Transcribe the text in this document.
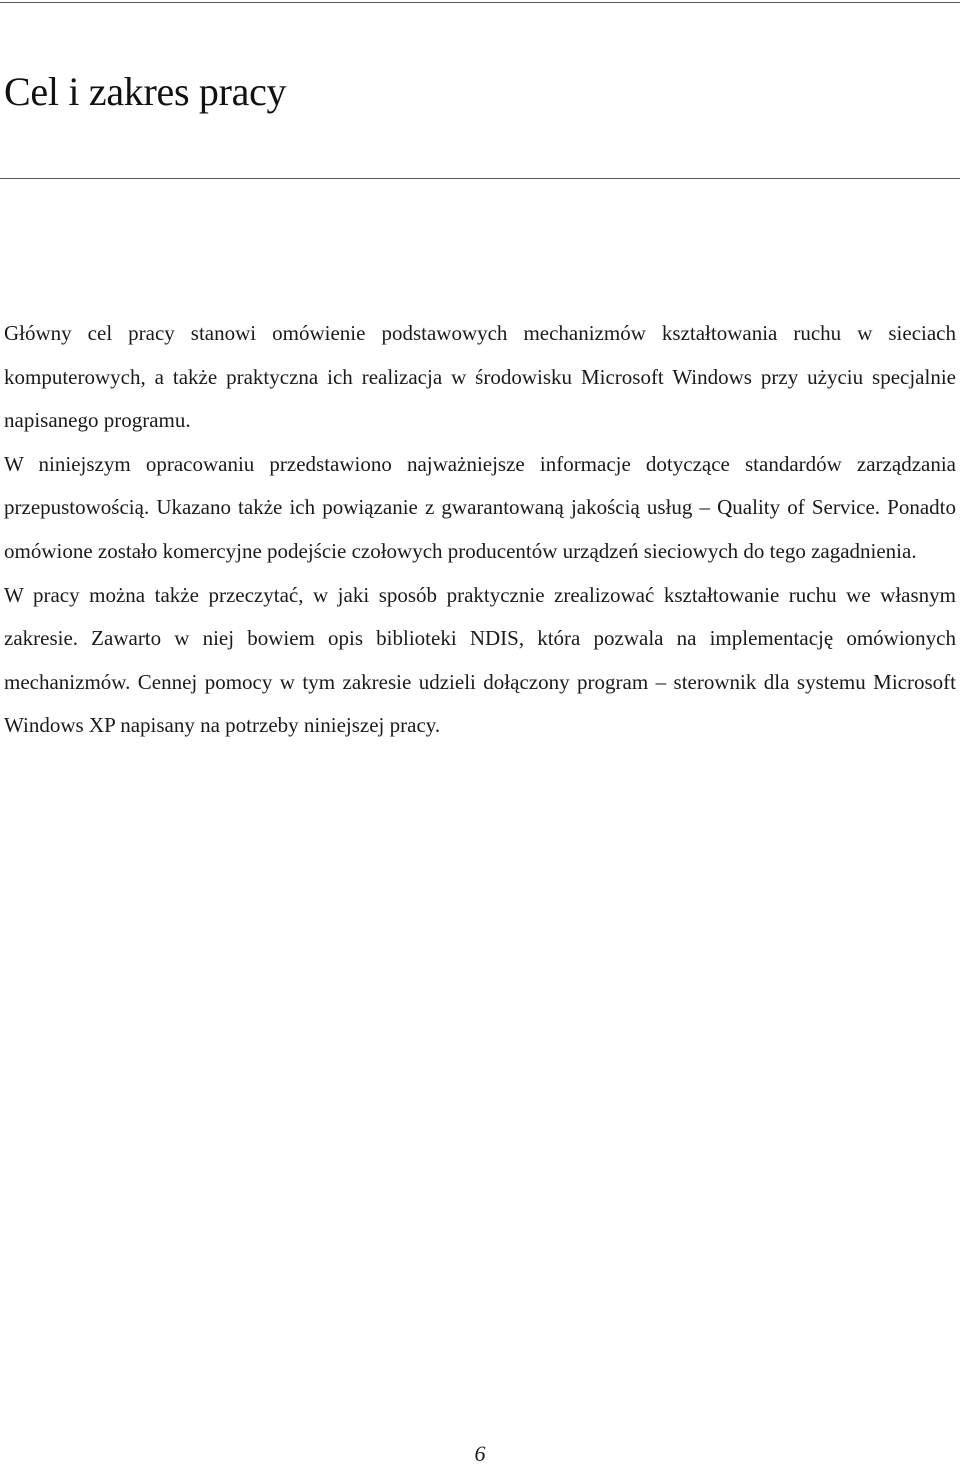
Cel i zakres pracy

Główny cel pracy stanowi omówienie podstawowych mechanizmów kształtowania ruchu w sieciach komputerowych, a także praktyczna ich realizacja w środowisku Microsoft Windows przy użyciu specjalnie napisanego programu.

W niniejszym opracowaniu przedstawiono najważniejsze informacje dotyczące standardów zarządzania przepustowością. Ukazano także ich powiązanie z gwarantowaną jakością usług – Quality of Service. Ponadto omówione zostało komercyjne podejście czołowych producentów urządzeń sieciowych do tego zagadnienia.

W pracy można także przeczytać, w jaki sposób praktycznie zrealizować kształtowanie ruchu we własnym zakresie. Zawarto w niej bowiem opis biblioteki NDIS, która pozwala na implementację omówionych mechanizmów. Cennej pomocy w tym zakresie udzieli dołączony program – sterownik dla systemu Microsoft Windows XP napisany na potrzeby niniejszej pracy.

6
